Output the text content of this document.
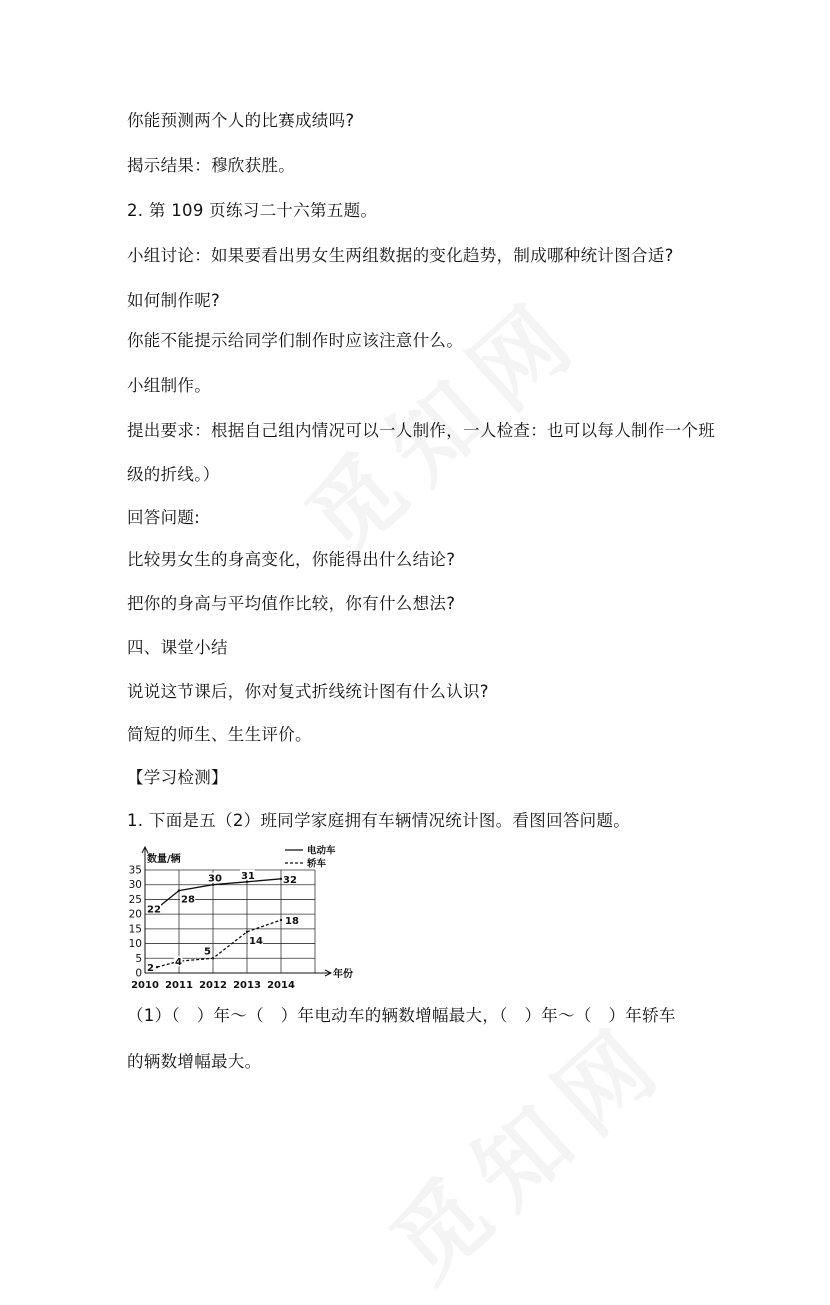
你能预测两个人的比赛成绩吗?
揭示结果：穆欣获胜。
2. 第 109 页练习二十六第五题。
小组讨论：如果要看出男女生两组数据的变化趋势，制成哪种统计图合适?
如何制作呢?
你能不能提示给同学们制作时应该注意什么。
小组制作。
提出要求：根据自己组内情况可以一人制作，一人检查：也可以每人制作一个班
级的折线。）
回答问题:
比较男女生的身高变化，你能得出什么结论?
把你的身高与平均值作比较，你有什么想法?
四、课堂小结
说说这节课后，你对复式折线统计图有什么认识?
简短的师生、生生评价。
【学习检测】
1. 下面是五（2）班同学家庭拥有车辆情况统计图。看图回答问题。
（1）（　）年～（　）年电动车的辆数增幅最大，（　）年～（　）年轿车
的辆数增幅最大。
0
5
10
15
20
25
30
35
数量/辆
年份
2010 2011 2012 2013 2014
电动车
轿车
22
28
30 31	32
2
4
5
14
18
